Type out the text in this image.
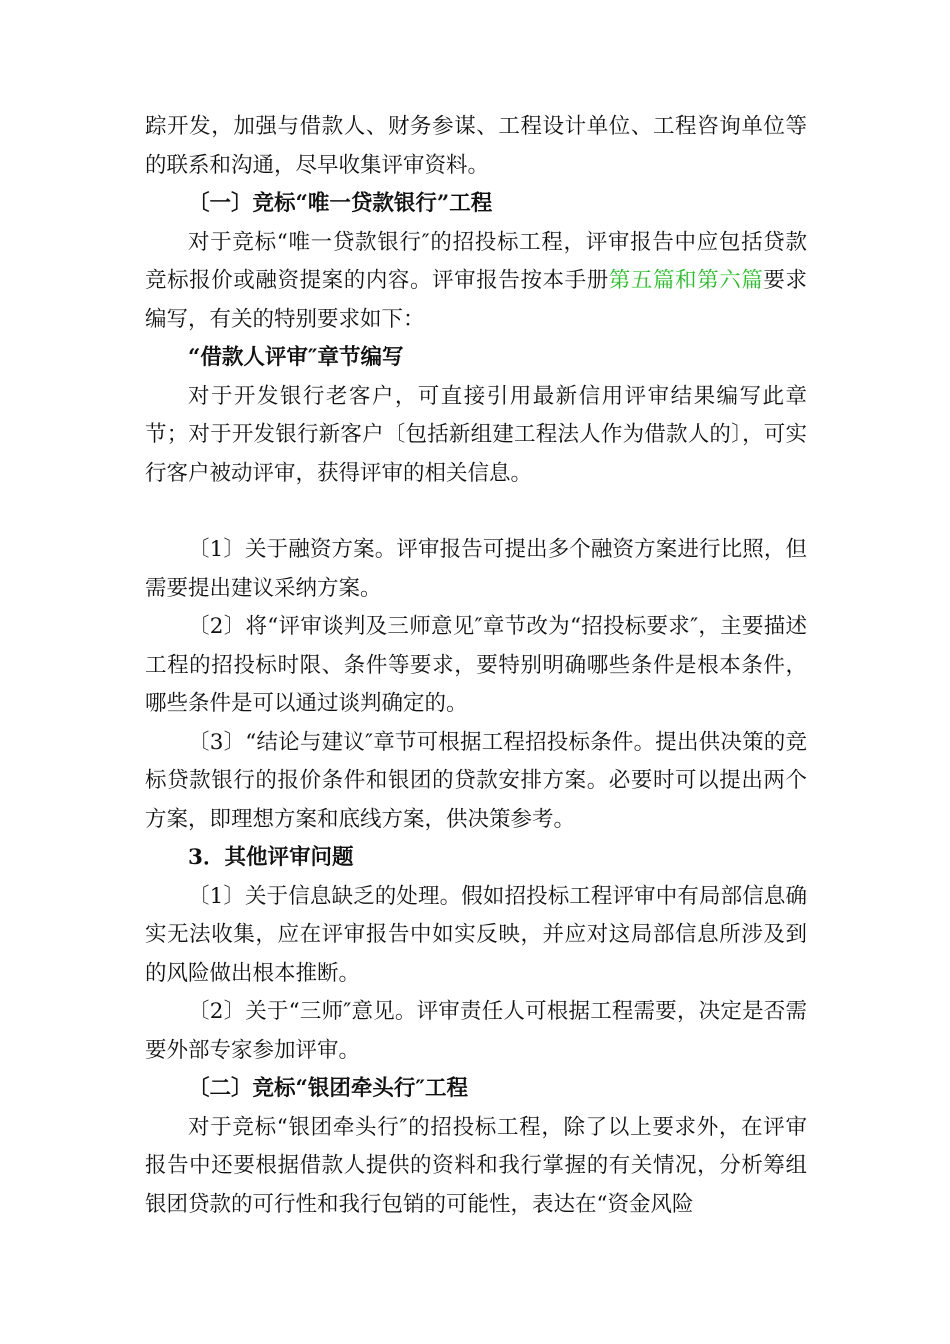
踪开发，加强与借款人、财务参谋、工程设计单位、工程咨询单位等的联系和沟通，尽早收集评审资料。

〔一〕竞标“唯一贷款银行”工程

对于竞标“唯一贷款银行″的招投标工程，评审报告中应包括贷款竞标报价或融资提案的内容。评审报告按本手册第五篇和第六篇要求编写，有关的特别要求如下：

“借款人评审″章节编写

对于开发银行老客户，可直接引用最新信用评审结果编写此章节；对于开发银行新客户〔包括新组建工程法人作为借款人的〕，可实行客户被动评审，获得评审的相关信息。

〔1〕关于融资方案。评审报告可提出多个融资方案进行比照，但需要提出建议采纳方案。

〔2〕将“评审谈判及三师意见″章节改为“招投标要求″，主要描述工程的招投标时限、条件等要求，要特别明确哪些条件是根本条件，哪些条件是可以通过谈判确定的。

〔3〕“结论与建议″章节可根据工程招投标条件。提出供决策的竞标贷款银行的报价条件和银团的贷款安排方案。必要时可以提出两个方案，即理想方案和底线方案，供决策参考。

3．其他评审问题

〔1〕关于信息缺乏的处理。假如招投标工程评审中有局部信息确实无法收集，应在评审报告中如实反映，并应对这局部信息所涉及到的风险做出根本推断。

〔2〕关于“三师″意见。评审责任人可根据工程需要，决定是否需要外部专家参加评审。

〔二〕竞标“银团牵头行″工程

对于竞标“银团牵头行″的招投标工程，除了以上要求外，在评审报告中还要根据借款人提供的资料和我行掌握的有关情况，分析筹组银团贷款的可行性和我行包销的可能性，表达在“资金风险
